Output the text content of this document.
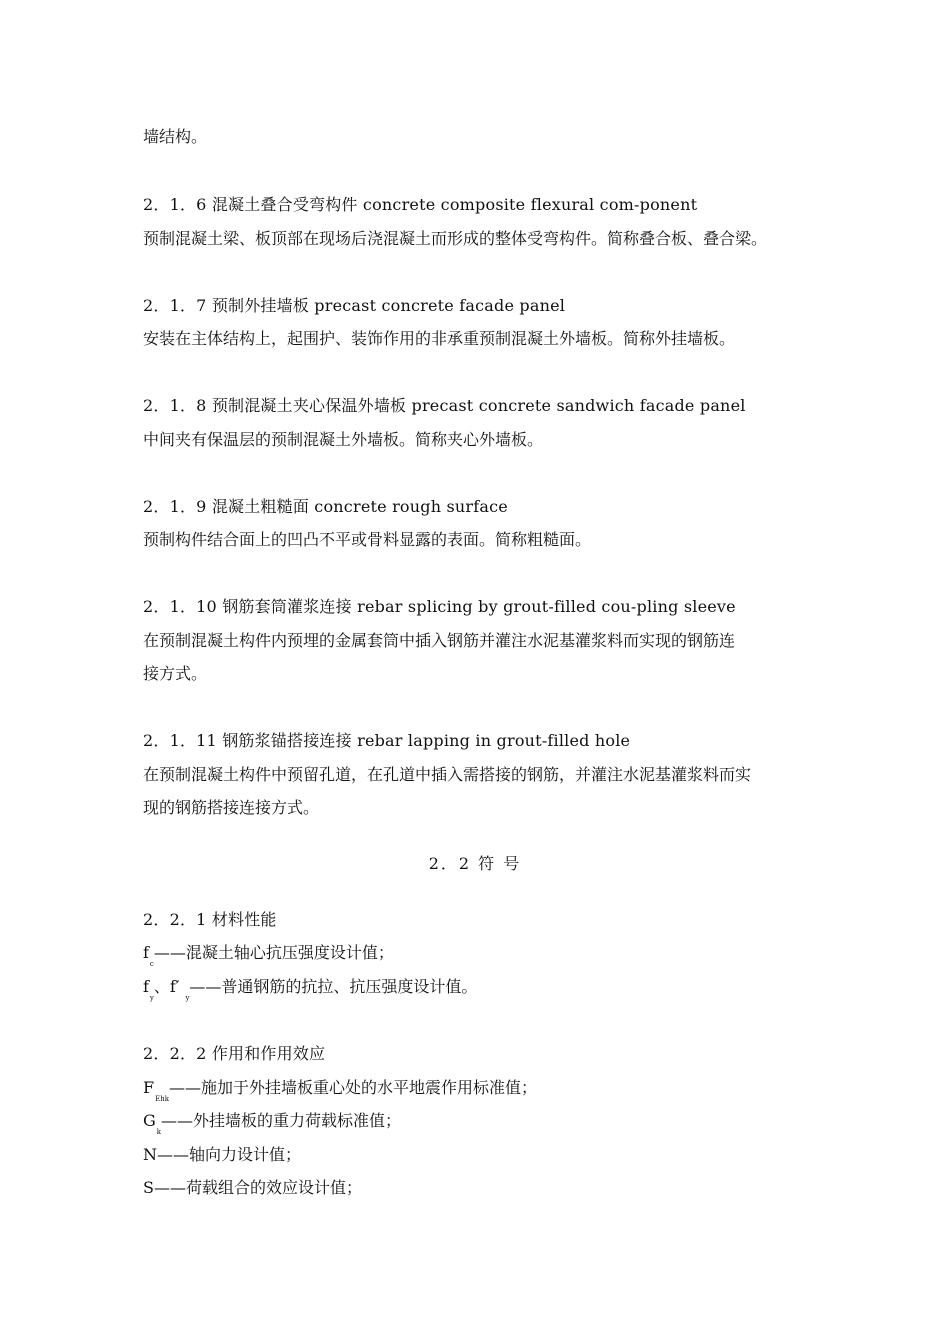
墙结构。
2．1．6 混凝土叠合受弯构件 concrete composite flexural com-ponent
预制混凝土梁、板顶部在现场后浇混凝土而形成的整体受弯构件。简称叠合板、叠合梁。
2．1．7 预制外挂墙板 precast concrete facade panel
安装在主体结构上，起围护、装饰作用的非承重预制混凝土外墙板。简称外挂墙板。
2．1．8 预制混凝土夹心保温外墙板 precast concrete sandwich facade panel
中间夹有保温层的预制混凝土外墙板。简称夹心外墙板。
2．1．9 混凝土粗糙面 concrete rough surface
预制构件结合面上的凹凸不平或骨料显露的表面。简称粗糙面。
2．1．10 钢筋套筒灌浆连接 rebar splicing by grout-filled cou-pling sleeve
在预制混凝土构件内预埋的金属套筒中插入钢筋并灌注水泥基灌浆料而实现的钢筋连
接方式。
2．1．11 钢筋浆锚搭接连接 rebar lapping in grout-filled hole
在预制混凝土构件中预留孔道，在孔道中插入需搭接的钢筋，并灌注水泥基灌浆料而实
现的钢筋搭接连接方式。
2．2 符 号
2．2．1 材料性能
$f_c——$混凝土轴心抗压强度设计值；
$f_y$、$f'_y——$普通钢筋的抗拉、抗压强度设计值。
2．2．2 作用和作用效应
$F_{Ehk}——$施加于外挂墙板重心处的水平地震作用标准值；
$G_k——$外挂墙板的重力荷载标准值；
N——轴向力设计值；
S——荷载组合的效应设计值；
